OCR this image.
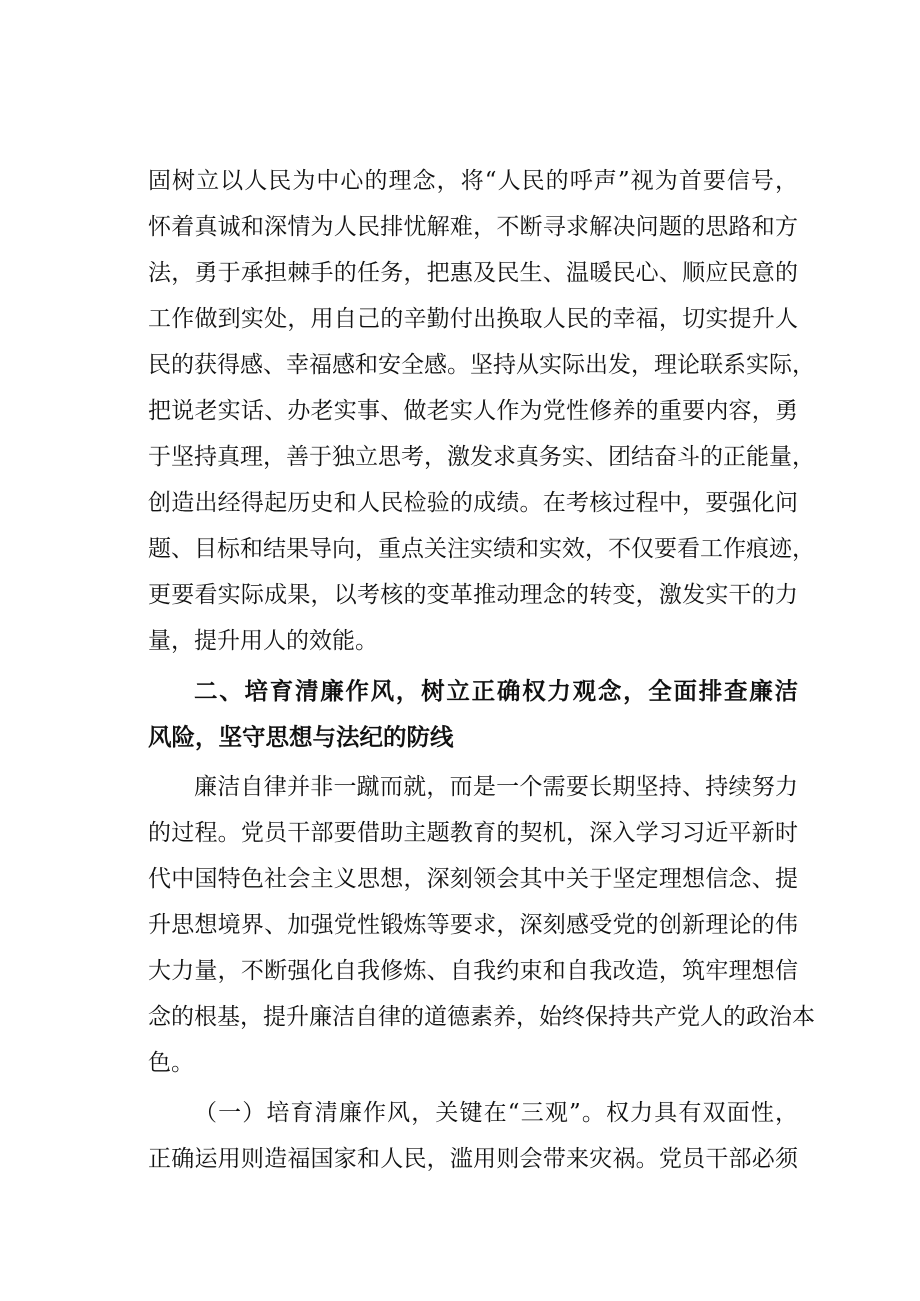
固树立以人民为中心的理念，将“人民的呼声”视为首要信号，
怀着真诚和深情为人民排忧解难，不断寻求解决问题的思路和方
法，勇于承担棘手的任务，把惠及民生、温暖民心、顺应民意的
工作做到实处，用自己的辛勤付出换取人民的幸福，切实提升人
民的获得感、幸福感和安全感。坚持从实际出发，理论联系实际，
把说老实话、办老实事、做老实人作为党性修养的重要内容，勇
于坚持真理，善于独立思考，激发求真务实、团结奋斗的正能量，
创造出经得起历史和人民检验的成绩。在考核过程中，要强化问
题、目标和结果导向，重点关注实绩和实效，不仅要看工作痕迹，
更要看实际成果，以考核的变革推动理念的转变，激发实干的力
量，提升用人的效能。
二、培育清廉作风，树立正确权力观念，全面排查廉洁
风险，坚守思想与法纪的防线
廉洁自律并非一蹴而就，而是一个需要长期坚持、持续努力
的过程。党员干部要借助主题教育的契机，深入学习习近平新时
代中国特色社会主义思想，深刻领会其中关于坚定理想信念、提
升思想境界、加强党性锻炼等要求，深刻感受党的创新理论的伟
大力量，不断强化自我修炼、自我约束和自我改造，筑牢理想信
念的根基，提升廉洁自律的道德素养，始终保持共产党人的政治本
色。
（一）培育清廉作风，关键在“三观”。权力具有双面性，
正确运用则造福国家和人民，滥用则会带来灾祸。党员干部必须
